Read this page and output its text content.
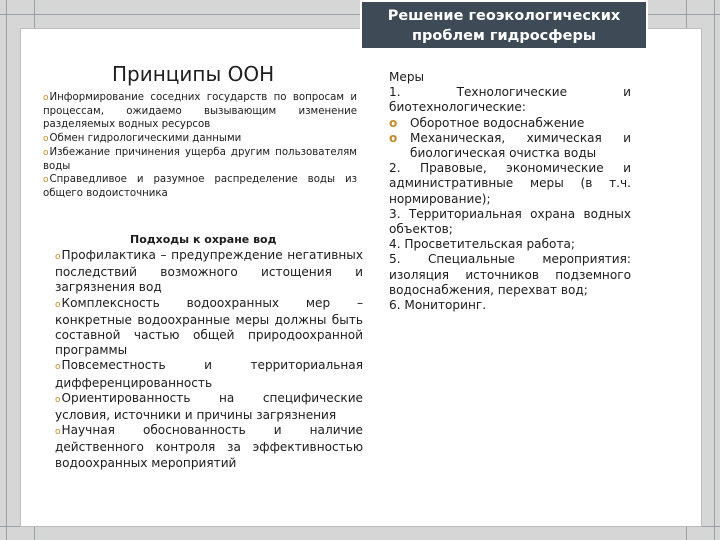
Решение геоэкологических
проблем гидросферы
Принципы ООН
oИнформирование соседних государств по вопросам и процессам, ожидаемо вызывающим изменение разделяемых водных ресурсов
oОбмен гидрологическими данными
oИзбежание причинения ущерба другим пользователям воды
oСправедливое и разумное распределение воды из общего водоисточника
Подходы к охране вод
oПрофилактика – предупреждение негативных последствий возможного истощения и загрязнения вод
oКомплексность водоохранных мер – конкретные водоохранные меры должны быть составной частью общей природоохранной программы
oПовсеместность и территориальная дифференцированность
oОриентированность на специфические условия, источники и причины загрязнения
oНаучная обоснованность и наличие действенного контроля за эффективностью водоохранных мероприятий
Меры
1. Технологические и биотехнологические:
o Оборотное водоснабжение
o Механическая, химическая и биологическая очистка воды
2. Правовые, экономические и административные меры (в т.ч. нормирование);
3. Территориальная охрана водных объектов;
4. Просветительская работа;
5. Специальные мероприятия: изоляция источников подземного водоснабжения, перехват вод;
6. Мониторинг.
